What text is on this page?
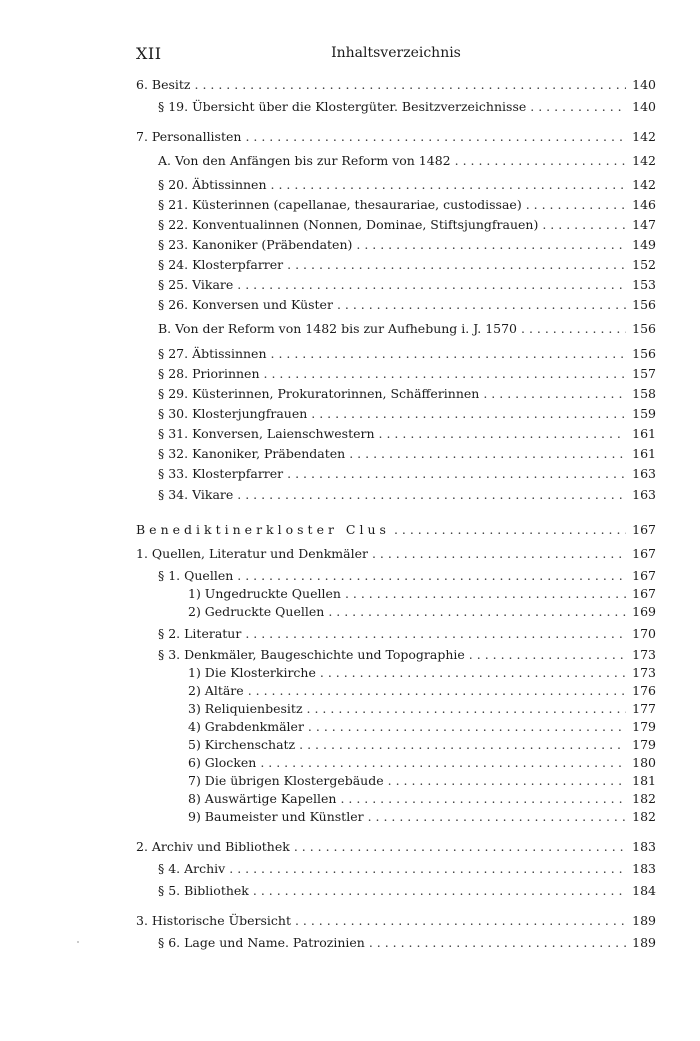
XII	Inhaltsverzeichnis
6. Besitz . . .	140
§ 19. Übersicht über die Klostergüter. Besitzverzeichnisse . . .	140
7. Personallisten . . .	142
A. Von den Anfängen bis zur Reform von 1482 . . .	142
§ 20. Äbtissinnen . . .	142
§ 21. Küsterinnen (capellanae, thesaurariae, custodissae) . . .	146
§ 22. Konventualinnen (Nonnen, Dominae, Stiftsjungfrauen) . . .	147
§ 23. Kanoniker (Präbendaten) . . .	149
§ 24. Klosterpfarrer . . .	152
§ 25. Vikare . . .	153
§ 26. Konversen und Küster . . .	156
B. Von der Reform von 1482 bis zur Aufhebung i. J. 1570 . . .	156
§ 27. Äbtissinnen . . .	156
§ 28. Priorinnen . . .	157
§ 29. Küsterinnen, Prokuratorinnen, Schäfferinnen . . .	158
§ 30. Klosterjungfrauen . . .	159
§ 31. Konversen, Laienschwestern . . .	161
§ 32. Kanoniker, Präbendaten . . .	161
§ 33. Klosterpfarrer . . .	163
§ 34. Vikare . . .	163
Benediktinerkloster Clus . . .	167
1. Quellen, Literatur und Denkmäler . . .	167
§ 1. Quellen . . .	167
1) Ungedruckte Quellen . . .	167
2) Gedruckte Quellen . . .	169
§ 2. Literatur . . .	170
§ 3. Denkmäler, Baugeschichte und Topographie . . .	173
1) Die Klosterkirche . . .	173
2) Altäre . . .	176
3) Reliquienbesitz . . .	177
4) Grabdenkmäler . . .	179
5) Kirchenschatz . . .	179
6) Glocken . . .	180
7) Die übrigen Klostergebäude . . .	181
8) Auswärtige Kapellen . . .	182
9) Baumeister und Künstler . . .	182
2. Archiv und Bibliothek . . .	183
§ 4. Archiv . . .	183
§ 5. Bibliothek . . .	184
3. Historische Übersicht . . .	189
§ 6. Lage und Name. Patrozinien . . .	189
